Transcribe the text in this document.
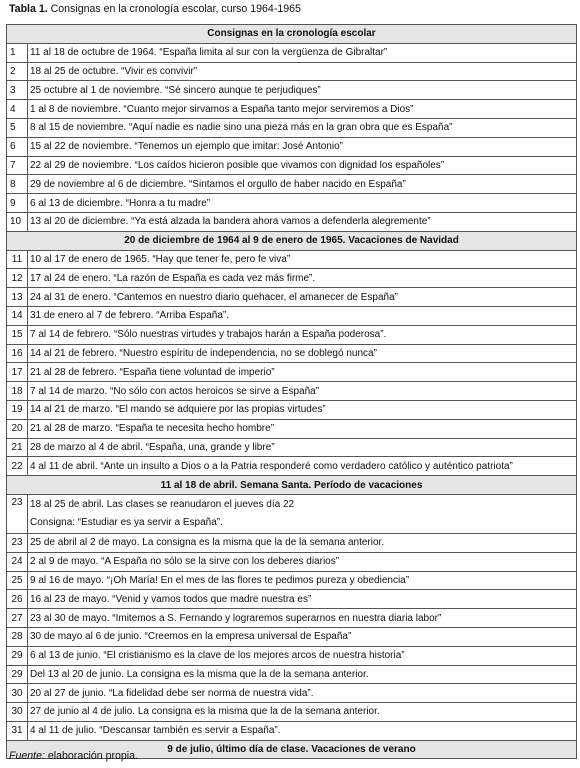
Tabla 1. Consignas en la cronología escolar, curso 1964-1965
Consignas en la cronología escolar	

1	11 al 18 de octubre de 1964. “España limita al sur con la vergüenza de Gibraltar”

2	18 al 25 de octubre. “Vivir es convivir”

3	25 octubre al 1 de noviembre. “Sé sincero aunque te perjudiques”

4	1 al 8 de noviembre. “Cuanto mejor sirvamos a España tanto mejor serviremos a Dios”

5	8 al 15 de noviembre. “Aquí nadie es nadie sino una pieza más en la gran obra que es España”

6	15 al 22 de noviembre. “Tenemos un ejemplo que imitar: José Antonio”

7	22 al 29 de noviembre. “Los caídos hicieron posible que vivamos con dignidad los españoles”

8	29 de noviembre al 6 de diciembre. “Sintamos el orgullo de haber nacido en España”

9	6 al 13 de diciembre. “Honra a tu madre”

10	13 al 20 de diciembre. “Ya está alzada la bandera ahora vamos a defenderla alegremente”
20 de diciembre de 1964 al 9 de enero de 1965. Vacaciones de Navidad	

11	10 al 17 de enero de 1965. “Hay que tener fe, pero fe viva”

12	17 al 24 de enero. “La razón de España es cada vez más firme”.

13	24 al 31 de enero. “Cantemos en nuestro diario quehacer, el amanecer de España”

14	31 de enero al 7 de febrero. “Arriba España”.

15	7 al 14 de febrero. “Sólo nuestras virtudes y trabajos harán a España poderosa”.

16	14 al 21 de febrero. “Nuestro espíritu de independencia, no se doblegó nunca”

17	21 al 28 de febrero. “España tiene voluntad de imperio”

18	7 al 14 de marzo. “No sólo con actos heroicos se sirve a España”

19	14 al 21 de marzo. “El mando se adquiere por las propias virtudes”

20	21 al 28 de marzo. “España te necesita hecho hombre”

21	28 de marzo al 4 de abril. “España, una, grande y libre”

22	4 al 11 de abril. “Ante un insulto a Dios o a la Patria responderé como verdadero católico y auténtico patriota”
11 al 18 de abril. Semana Santa. Período de vacaciones	

23	18 al 25 de abril. Las clases se reanudaron el jueves día 22
Consigna: “Estudiar es ya servir a España”.

23	25 de abril al 2 de mayo. La consigna es la misma que la de la semana anterior.

24	2 al 9 de mayo. “A España no sólo se la sirve con los deberes diarios”

25	9 al 16 de mayo. “¡Oh María! En el mes de las flores te pedimos pureza y obediencia”

26	16 al 23 de mayo. “Venid y vamos todos que madre nuestra es”

27	23 al 30 de mayo. “Imitemos a S. Fernando y lograremos superarnos en nuestra diaria labor”

28	30 de mayo al 6 de junio. “Creemos en la empresa universal de España”

29	6 al 13 de junio. “El cristianismo es la clave de los mejores arcos de nuestra historia”

29	Del 13 al 20 de junio. La consigna es la misma que la de la semana anterior.

30	20 al 27 de junio. “La fidelidad debe ser norma de nuestra vida”.

30	27 de junio al 4 de julio. La consigna es la misma que la de la semana anterior.

31	4 al 11 de julio. “Descansar también es servir a España”.
9 de julio, último día de clase. Vacaciones de verano	
Fuente: elaboración propia.
